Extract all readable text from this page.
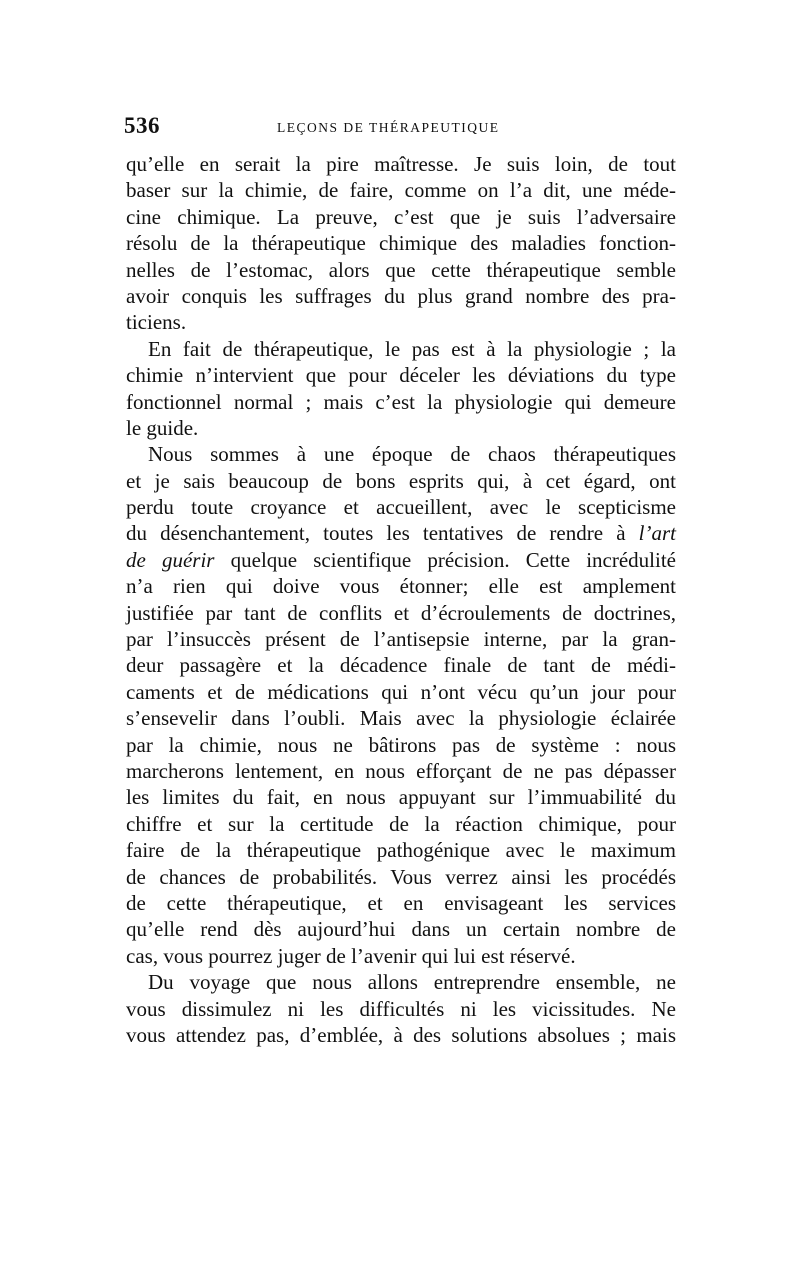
536	LEÇONS DE THÉRAPEUTIQUE
qu’elle en serait la pire maîtresse. Je suis loin, de tout
baser sur la chimie, de faire, comme on l’a dit, une méde-
cine chimique. La preuve, c’est que je suis l’adversaire
résolu de la thérapeutique chimique des maladies fonction-
nelles de l’estomac, alors que cette thérapeutique semble
avoir conquis les suffrages du plus grand nombre des pra-
ticiens.
En fait de thérapeutique, le pas est à la physiologie ; la
chimie n’intervient que pour déceler les déviations du type
fonctionnel normal ; mais c’est la physiologie qui demeure
le guide.
Nous sommes à une époque de chaos thérapeutiques
et je sais beaucoup de bons esprits qui, à cet égard, ont
perdu toute croyance et accueillent, avec le scepticisme
du désenchantement, toutes les tentatives de rendre à l’art
de guérir quelque scientifique précision. Cette incrédulité
n’a rien qui doive vous étonner; elle est amplement
justifiée par tant de conflits et d’écroulements de doctrines,
par l’insuccès présent de l’antisepsie interne, par la gran-
deur passagère et la décadence finale de tant de médi-
caments et de médications qui n’ont vécu qu’un jour pour
s’ensevelir dans l’oubli. Mais avec la physiologie éclairée
par la chimie, nous ne bâtirons pas de système : nous
marcherons lentement, en nous efforçant de ne pas dépasser
les limites du fait, en nous appuyant sur l’immuabilité du
chiffre et sur la certitude de la réaction chimique, pour
faire de la thérapeutique pathogénique avec le maximum
de chances de probabilités. Vous verrez ainsi les procédés
de cette thérapeutique, et en envisageant les services
qu’elle rend dès aujourd’hui dans un certain nombre de
cas, vous pourrez juger de l’avenir qui lui est réservé.
Du voyage que nous allons entreprendre ensemble, ne
vous dissimulez ni les difficultés ni les vicissitudes. Ne
vous attendez pas, d’emblée, à des solutions absolues ; mais
